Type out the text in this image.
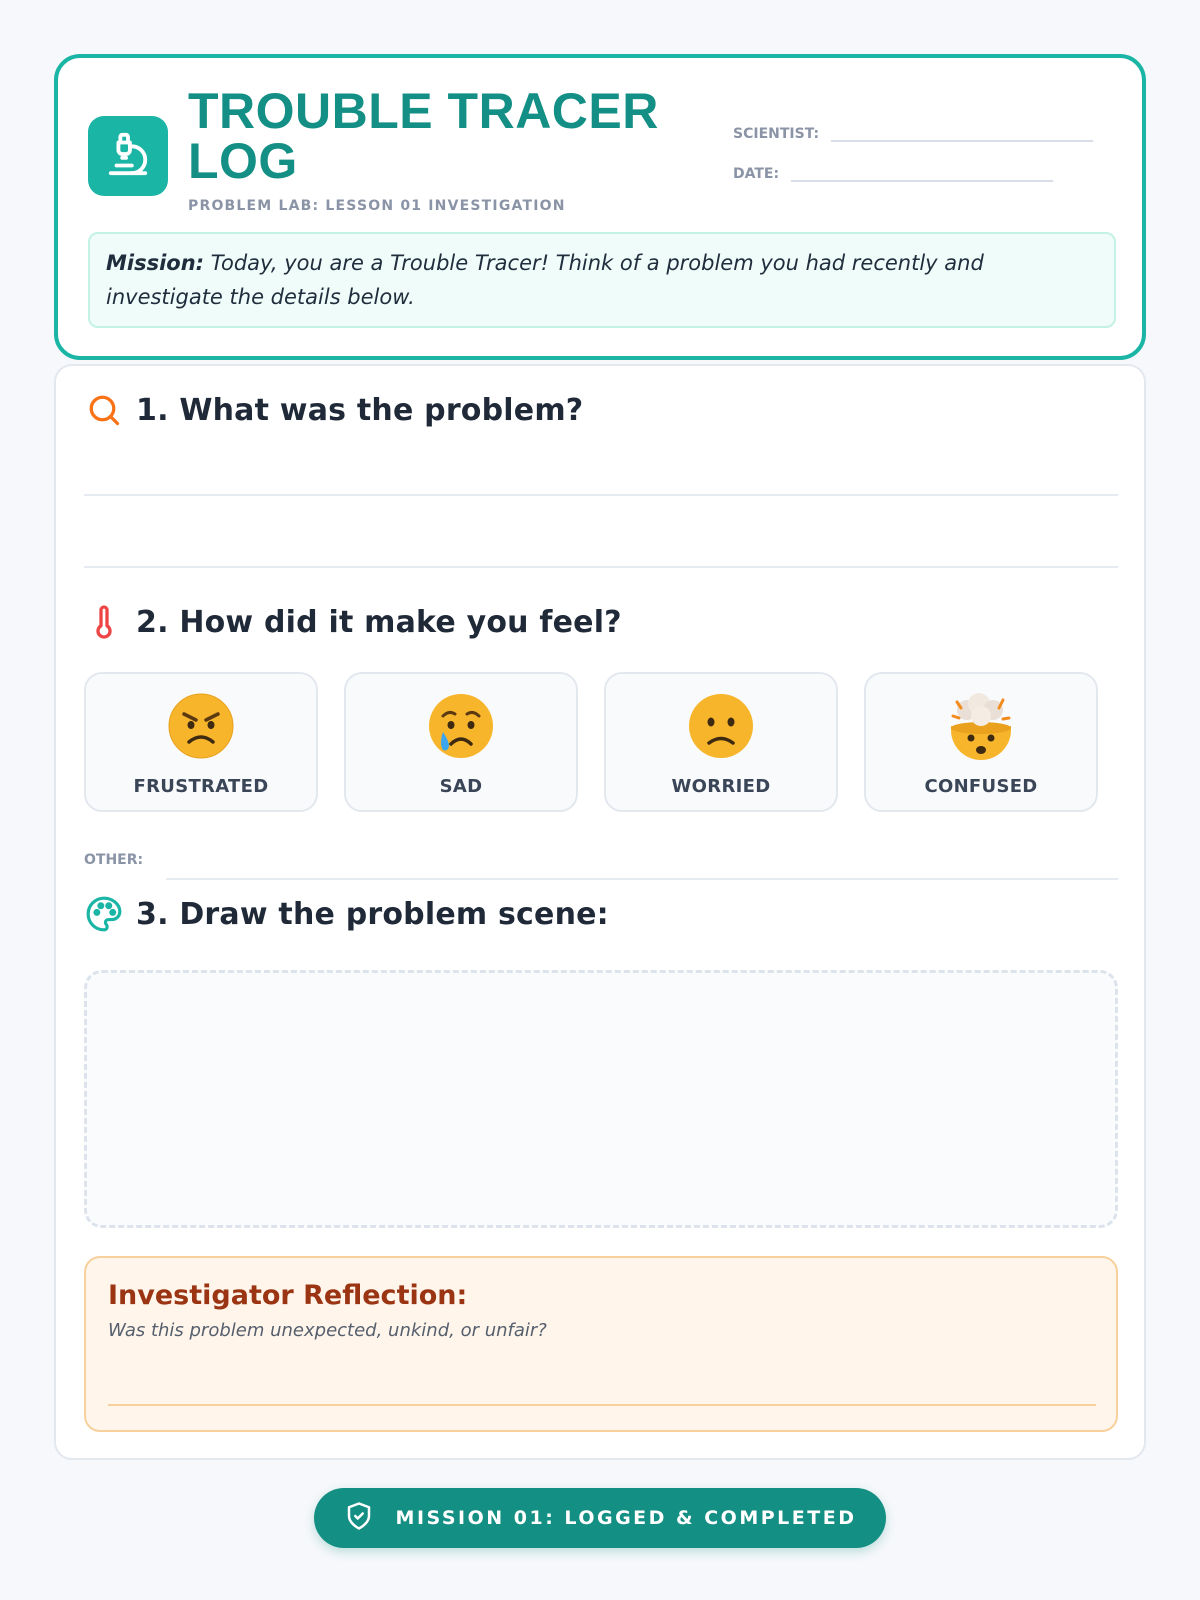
TROUBLE TRACER LOG
PROBLEM LAB: LESSON 01 INVESTIGATION
SCIENTIST:
DATE:
Mission: Today, you are a Trouble Tracer! Think of a problem you had recently and investigate the details below.
1. What was the problem?
2. How did it make you feel?
FRUSTRATED	SAD	WORRIED	CONFUSED
OTHER:
3. Draw the problem scene:
Investigator Reflection:
Was this problem unexpected, unkind, or unfair?
MISSION 01: LOGGED & COMPLETED
